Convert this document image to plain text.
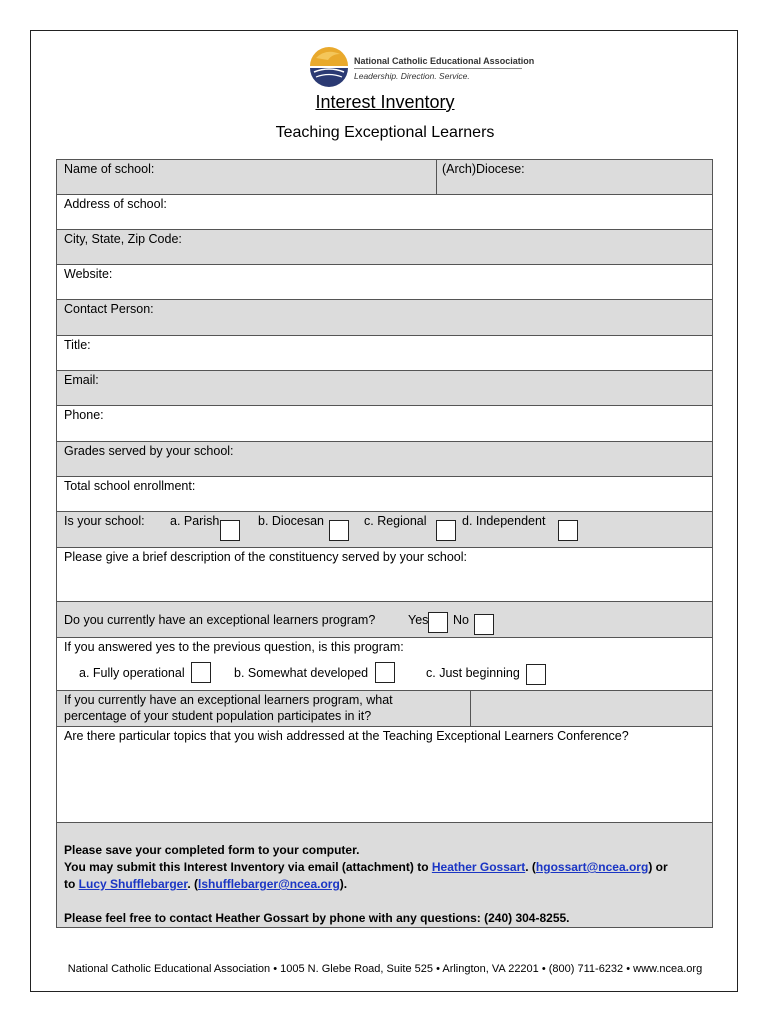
National Catholic Educational Association
Leadership. Direction. Service.
Interest Inventory
Teaching Exceptional Learners
Name of school:	(Arch)Diocese:
Address of school:
City, State, Zip Code:
Website:
Contact Person:
Title:
Email:
Phone:
Grades served by your school:
Total school enrollment:
Is your school: a. Parish	b. Diocesan	c. Regional	d. Independent
Please give a brief description of the constituency served by your school:
Do you currently have an exceptional learners program?	Yes No
If you answered yes to the previous question, is this program:
a. Fully operational	b. Somewhat developed	c. Just beginning
If you currently have an exceptional learners program, what
percentage of your student population participates in it?
Are there particular topics that you wish addressed at the Teaching Exceptional Learners Conference?
Please save your completed form to your computer.
You may submit this Interest Inventory via email (attachment) to Heather Gossart. (hgossart@ncea.org) or
to Lucy Shufflebarger. (lshufflebarger@ncea.org).
Please feel free to contact Heather Gossart by phone with any questions: (240) 304-8255.
National Catholic Educational Association • 1005 N. Glebe Road, Suite 525 • Arlington, VA 22201 • (800) 711-6232 • www.ncea.org
